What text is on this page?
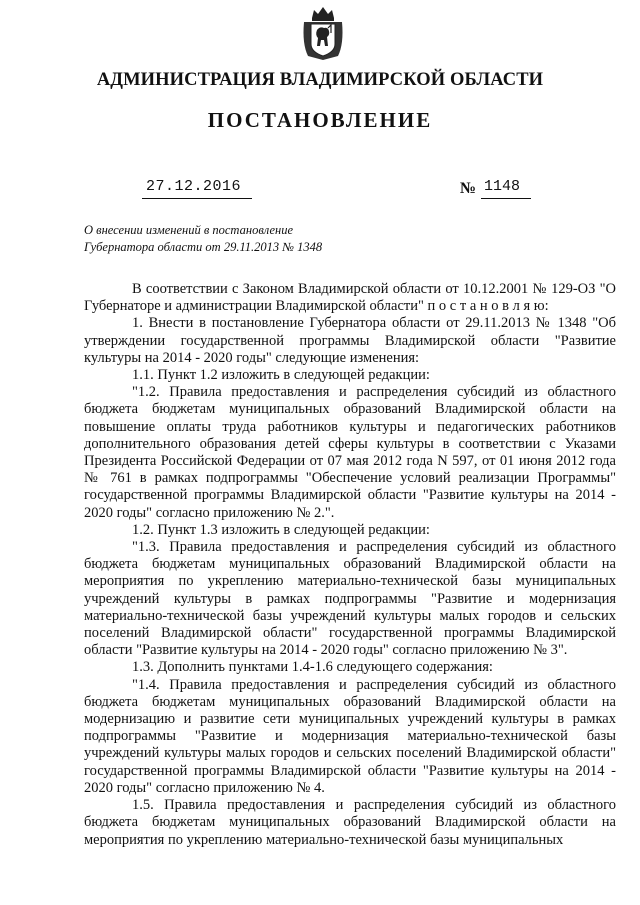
АДМИНИСТРАЦИЯ ВЛАДИМИРСКОЙ ОБЛАСТИ
ПОСТАНОВЛЕНИЕ
27.12.2016	№ 1148
О внесении изменений в постановление
Губернатора области от 29.11.2013 № 1348

В соответствии с Законом Владимирской области от 10.12.2001 № 129-ОЗ "О Губернаторе и администрации Владимирской области" п о с т а н о в л я ю:

1. Внести в постановление Губернатора области от 29.11.2013 № 1348 "Об утверждении государственной программы Владимирской области "Развитие культуры на 2014 - 2020 годы" следующие изменения:

1.1. Пункт 1.2 изложить в следующей редакции:

"1.2. Правила предоставления и распределения субсидий из областного бюджета бюджетам муниципальных образований Владимирской области на повышение оплаты труда работников культуры и педагогических работников дополнительного образования детей сферы культуры в соответствии с Указами Президента Российской Федерации от 07 мая 2012 года N 597, от 01 июня 2012 года № 761 в рамках подпрограммы "Обеспечение условий реализации Программы" государственной программы Владимирской области "Развитие культуры на 2014 - 2020 годы" согласно приложению № 2.".

1.2. Пункт 1.3 изложить в следующей редакции:

"1.3. Правила предоставления и распределения субсидий из областного бюджета бюджетам муниципальных образований Владимирской области на мероприятия по укреплению материально-технической базы муниципальных учреждений культуры в рамках подпрограммы "Развитие и модернизация материально-технической базы учреждений культуры малых городов и сельских поселений Владимирской области" государственной программы Владимирской области "Развитие культуры на 2014 - 2020 годы" согласно приложению № 3".

1.3. Дополнить пунктами 1.4-1.6 следующего содержания:

"1.4. Правила предоставления и распределения субсидий из областного бюджета бюджетам муниципальных образований Владимирской области на модернизацию и развитие сети муниципальных учреждений культуры в рамках подпрограммы "Развитие и модернизация материально-технической базы учреждений культуры малых городов и сельских поселений Владимирской области" государственной программы Владимирской области "Развитие культуры на 2014 - 2020 годы" согласно приложению № 4.

1.5. Правила предоставления и распределения субсидий из областного бюджета бюджетам муниципальных образований Владимирской области на мероприятия по укреплению материально-технической базы муниципальных
